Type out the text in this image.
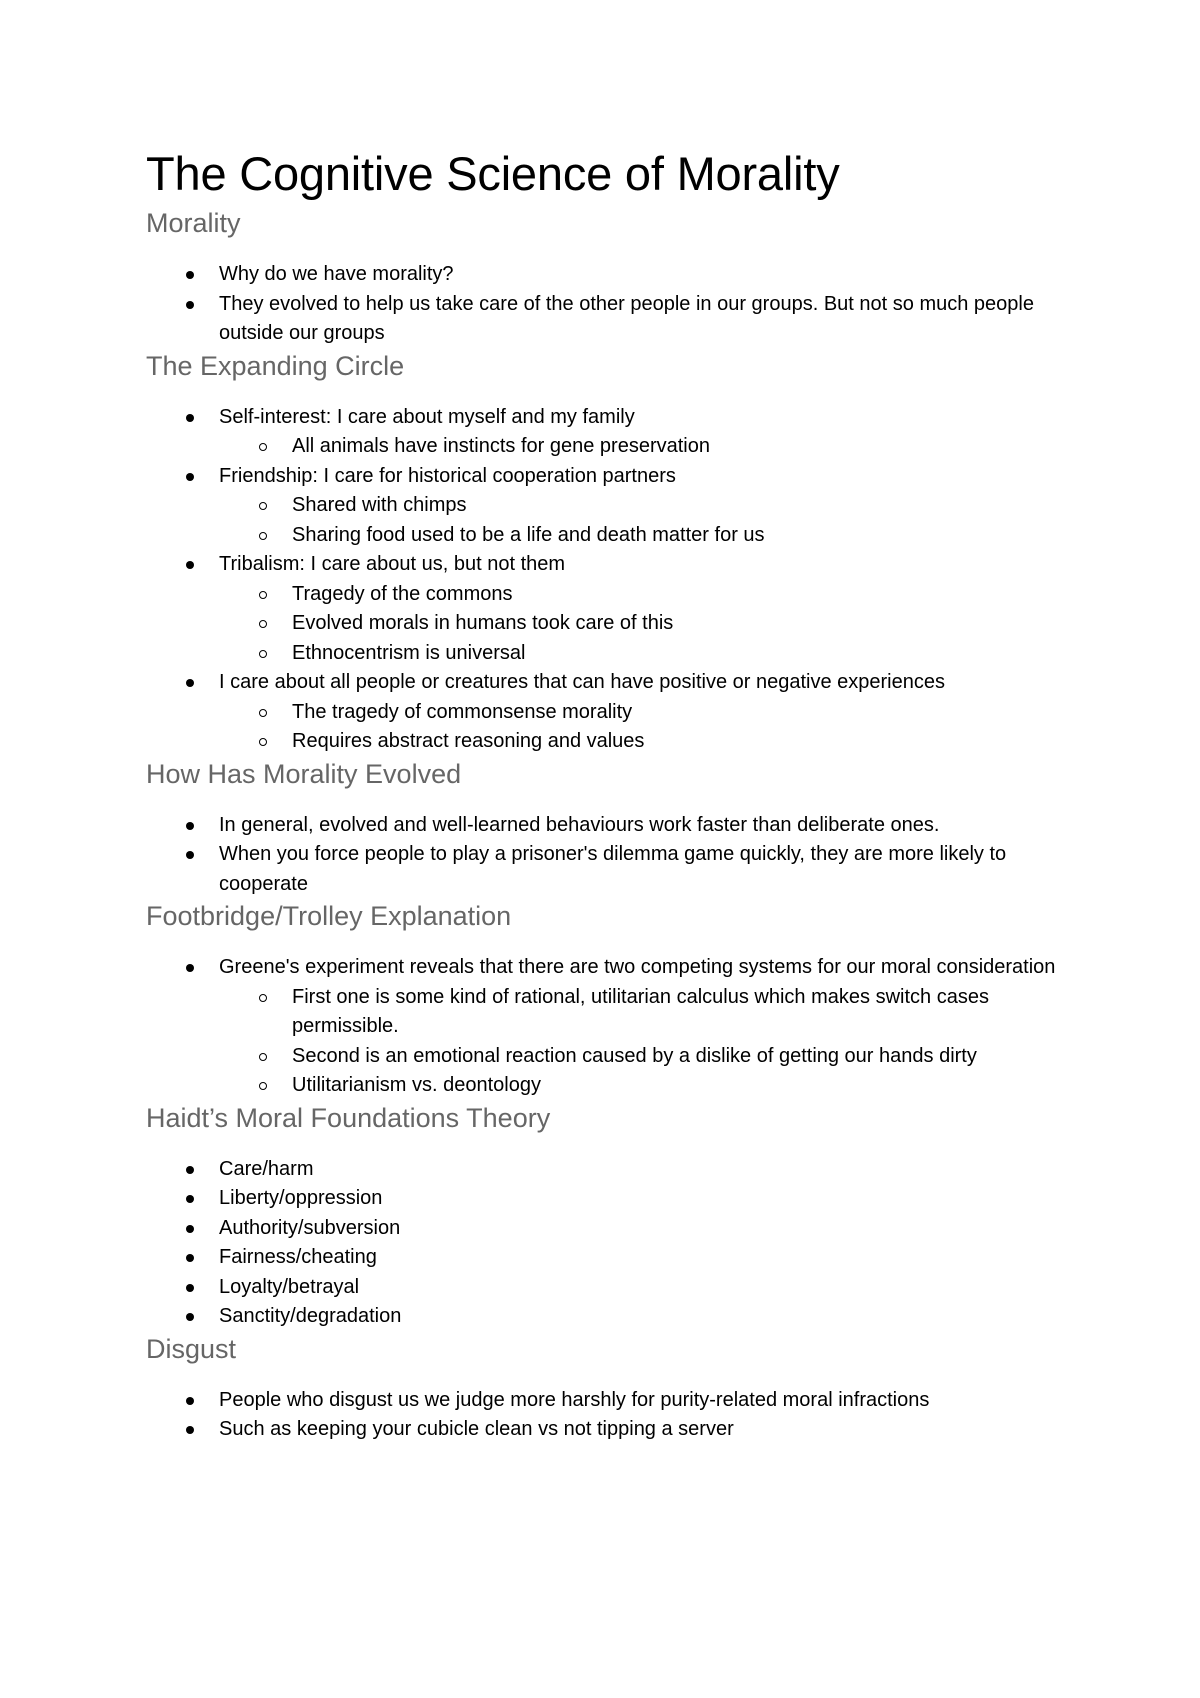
The Cognitive Science of Morality
Morality
Why do we have morality?
They evolved to help us take care of the other people in our groups. But not so much people outside our groups
The Expanding Circle
Self-interest: I care about myself and my family
All animals have instincts for gene preservation
Friendship: I care for historical cooperation partners
Shared with chimps
Sharing food used to be a life and death matter for us
Tribalism: I care about us, but not them
Tragedy of the commons
Evolved morals in humans took care of this
Ethnocentrism is universal
I care about all people or creatures that can have positive or negative experiences
The tragedy of commonsense morality
Requires abstract reasoning and values
How Has Morality Evolved
In general, evolved and well-learned behaviours work faster than deliberate ones.
When you force people to play a prisoner's dilemma game quickly, they are more likely to cooperate
Footbridge/Trolley Explanation
Greene's experiment reveals that there are two competing systems for our moral consideration
First one is some kind of rational, utilitarian calculus which makes switch cases permissible.
Second is an emotional reaction caused by a dislike of getting our hands dirty
Utilitarianism vs. deontology
Haidt’s Moral Foundations Theory
Care/harm
Liberty/oppression
Authority/subversion
Fairness/cheating
Loyalty/betrayal
Sanctity/degradation
Disgust
People who disgust us we judge more harshly for purity-related moral infractions
Such as keeping your cubicle clean vs not tipping a server
